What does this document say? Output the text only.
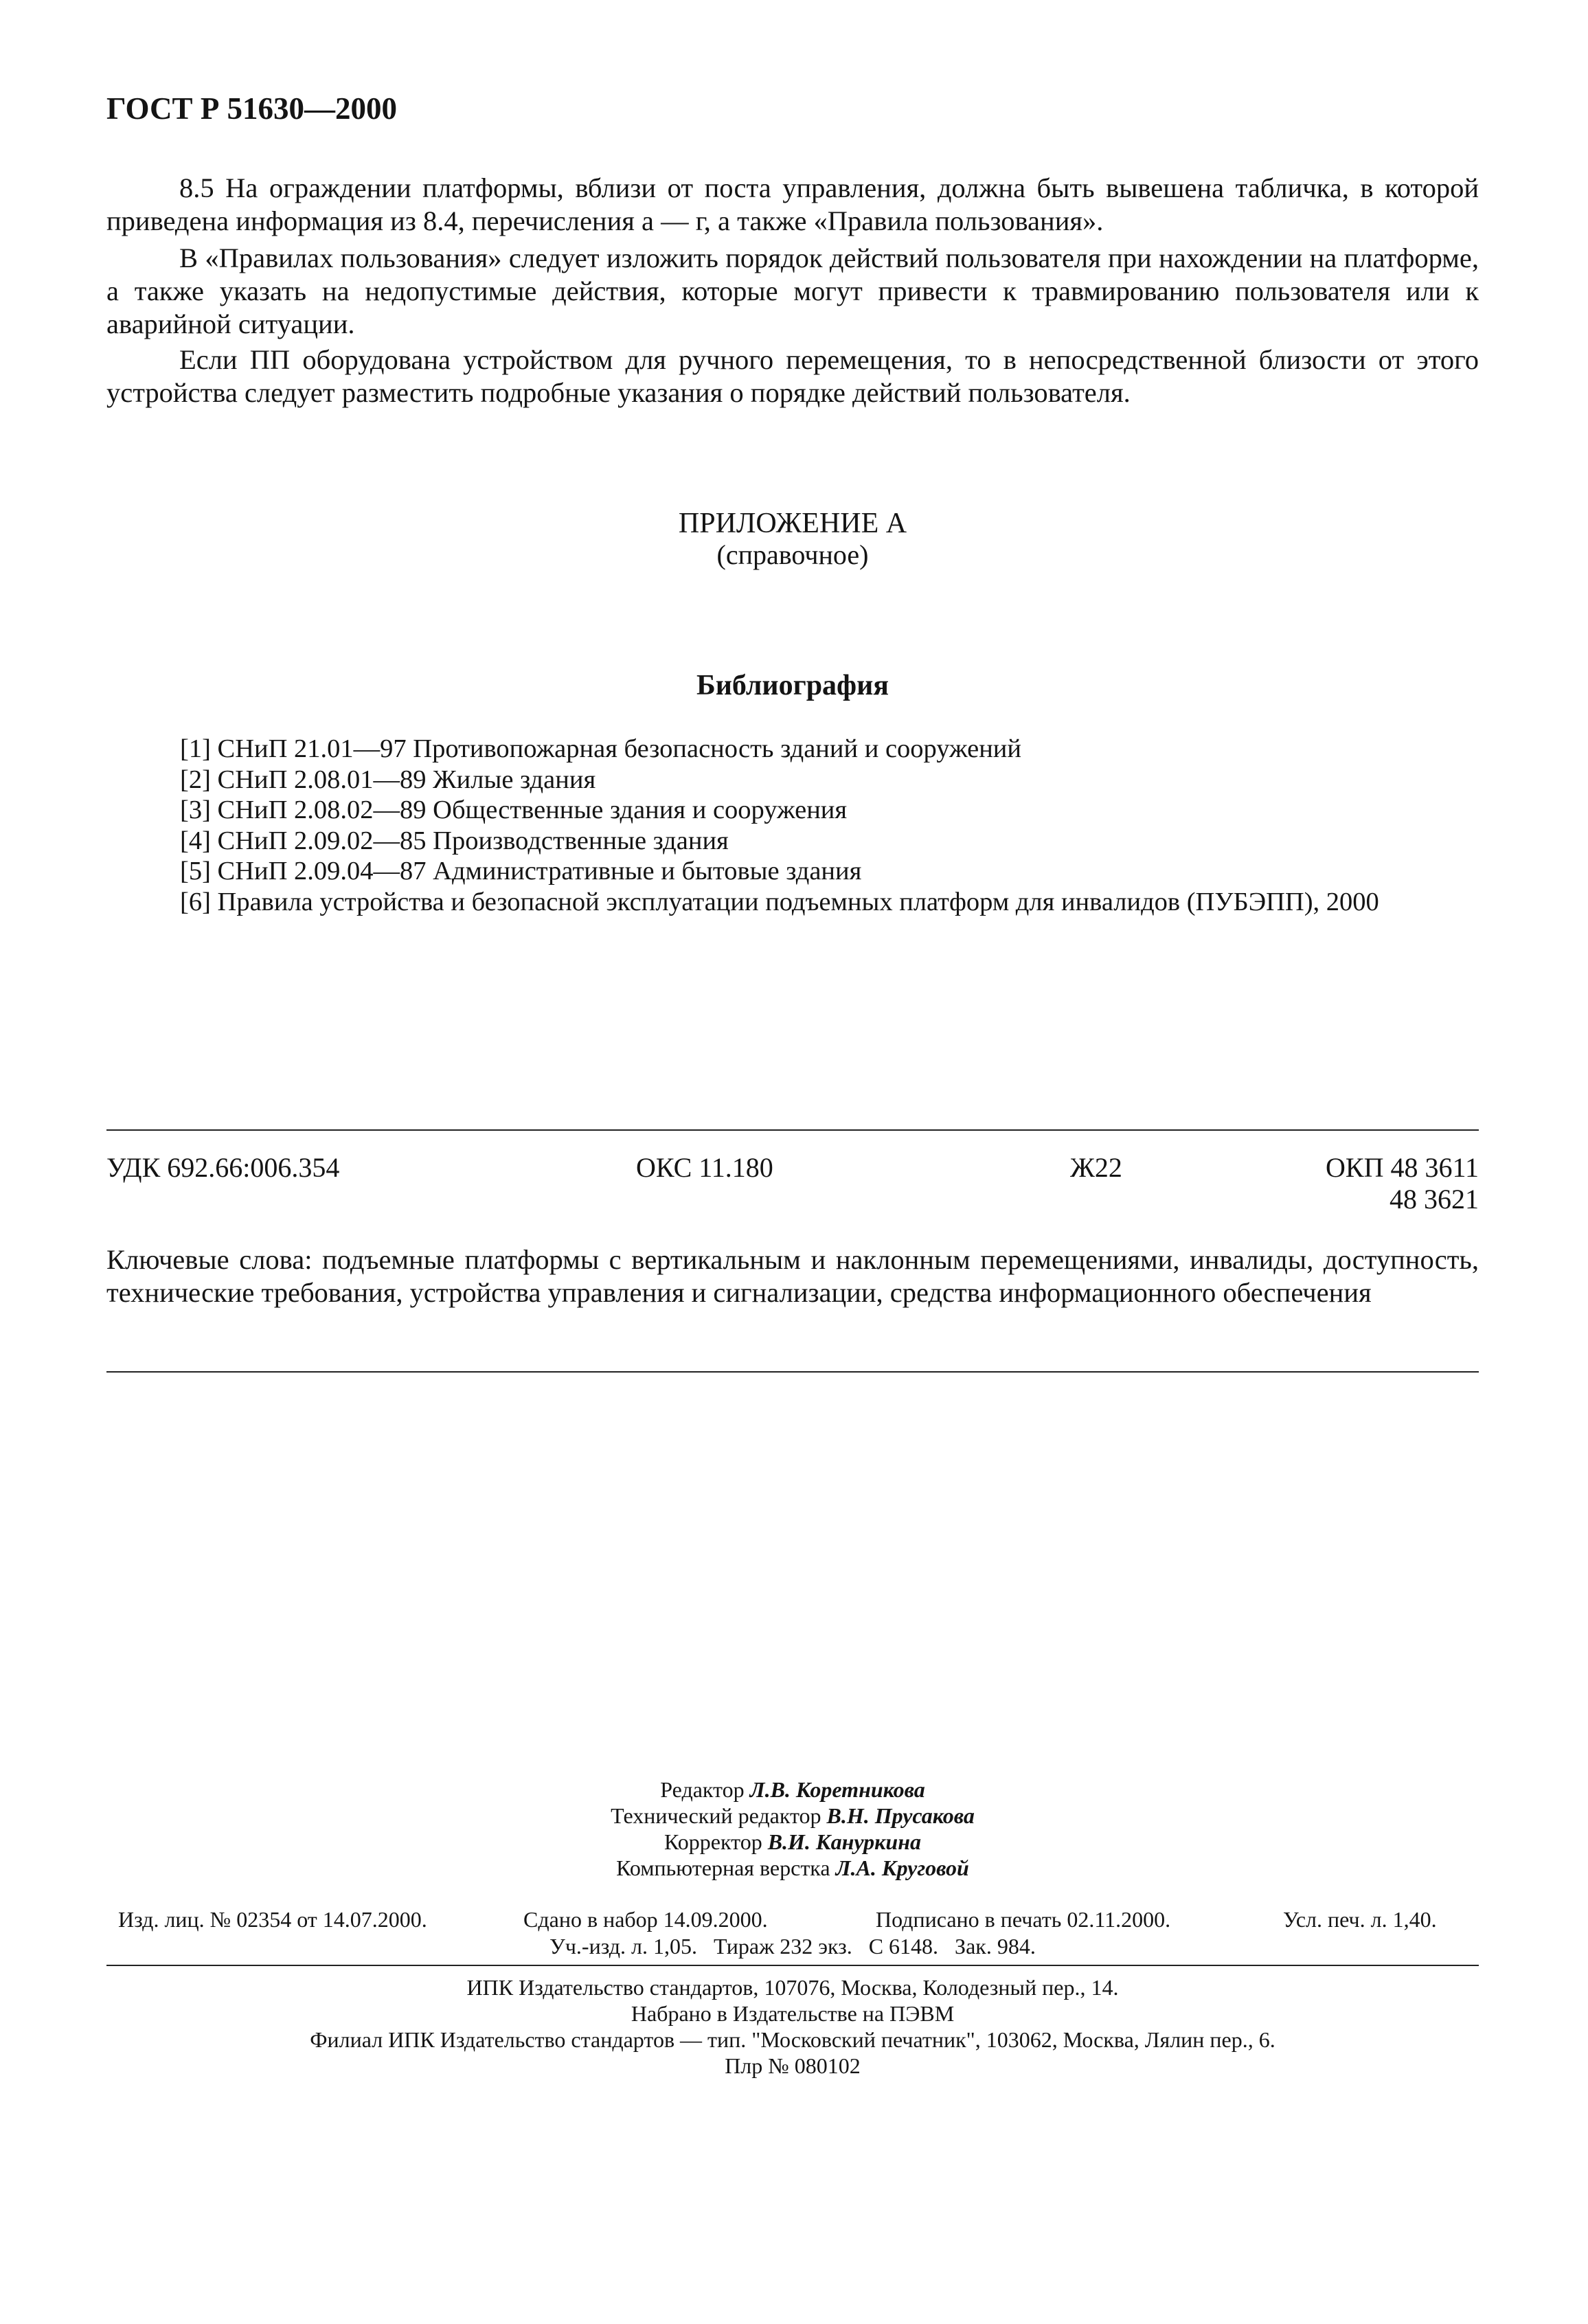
ГОСТ Р 51630—2000
8.5 На ограждении платформы, вблизи от поста управления, должна быть вывешена табличка, в которой приведена информация из 8.4, перечисления а — г, а также «Правила пользования».
В «Правилах пользования» следует изложить порядок действий пользователя при нахождении на платформе, а также указать на недопустимые действия, которые могут привести к травмированию пользователя или к аварийной ситуации.
Если ПП оборудована устройством для ручного перемещения, то в непосредственной близости от этого устройства следует разместить подробные указания о порядке действий пользователя.
ПРИЛОЖЕНИЕ А
(справочное)
Библиография
[1] СНиП 21.01—97 Противопожарная безопасность зданий и сооружений
[2] СНиП 2.08.01—89 Жилые здания
[3] СНиП 2.08.02—89 Общественные здания и сооружения
[4] СНиП 2.09.02—85 Производственные здания
[5] СНиП 2.09.04—87 Административные и бытовые здания
[6] Правила устройства и безопасной эксплуатации подъемных платформ для инвалидов (ПУБЭПП), 2000
УДК 692.66:006.354	ОКС 11.180	Ж22	ОКП 48 3611
48 3621
Ключевые слова: подъемные платформы с вертикальным и наклонным перемещениями, инвалиды, доступность, технические требования, устройства управления и сигнализации, средства информационного обеспечения
Редактор Л.В. Коретникова
Технический редактор В.Н. Прусакова
Корректор В.И. Кануркина
Компьютерная верстка Л.А. Круговой
Изд. лиц. № 02354 от 14.07.2000.	Сдано в набор 14.09.2000.	Подписано в печать 02.11.2000.	Усл. печ. л. 1,40.
Уч.-изд. л. 1,05.   Тираж 232 экз.   С 6148.   Зак. 984.
ИПК Издательство стандартов, 107076, Москва, Колодезный пер., 14.
Набрано в Издательстве на ПЭВМ
Филиал ИПК Издательство стандартов — тип. "Московский печатник", 103062, Москва, Лялин пер., 6.
Плр № 080102
